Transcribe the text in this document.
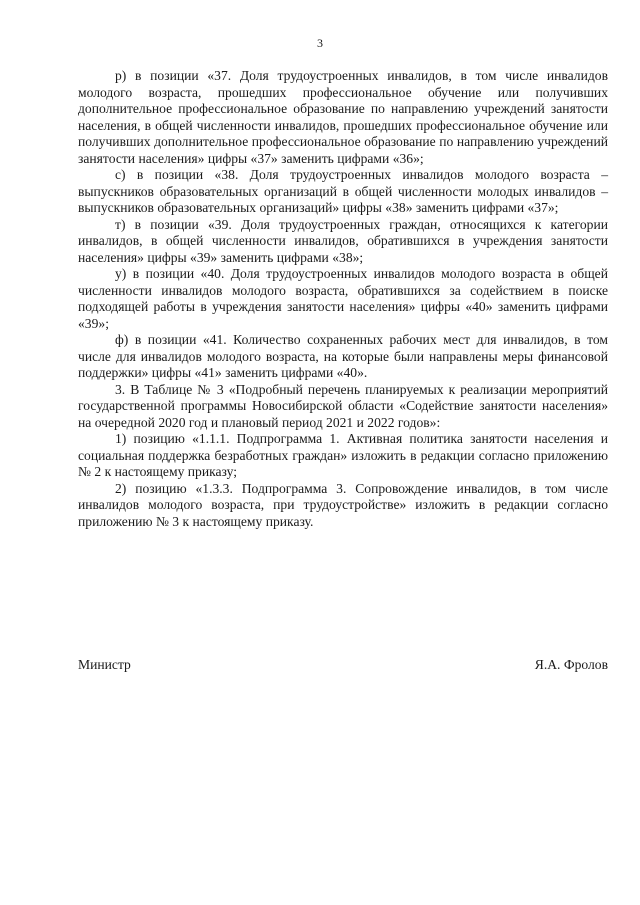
3

р) в позиции «37. Доля трудоустроенных инвалидов, в том числе инвалидов молодого возраста, прошедших профессиональное обучение или получивших дополнительное профессиональное образование по направлению учреждений занятости населения, в общей численности инвалидов, прошедших профессиональное обучение или получивших дополнительное профессиональное образование по направлению учреждений занятости населения» цифры «37» заменить цифрами «36»;

с) в позиции «38. Доля трудоустроенных инвалидов молодого возраста – выпускников образовательных организаций в общей численности молодых инвалидов – выпускников образовательных организаций» цифры «38» заменить цифрами «37»;

т) в позиции «39. Доля трудоустроенных граждан, относящихся к категории инвалидов, в общей численности инвалидов, обратившихся в учреждения занятости населения» цифры «39» заменить цифрами «38»;

у) в позиции «40. Доля трудоустроенных инвалидов молодого возраста в общей численности инвалидов молодого возраста, обратившихся за содействием в поиске подходящей работы в учреждения занятости населения» цифры «40» заменить цифрами «39»;

ф) в позиции «41. Количество сохраненных рабочих мест для инвалидов, в том числе для инвалидов молодого возраста, на которые были направлены меры финансовой поддержки» цифры «41» заменить цифрами «40».

3. В Таблице № 3 «Подробный перечень планируемых к реализации мероприятий государственной программы Новосибирской области «Содействие занятости населения» на очередной 2020 год и плановый период 2021 и 2022 годов»:

1) позицию «1.1.1. Подпрограмма 1. Активная политика занятости населения и социальная поддержка безработных граждан» изложить в редакции согласно приложению № 2 к настоящему приказу;

2) позицию «1.3.3. Подпрограмма 3. Сопровождение инвалидов, в том числе инвалидов молодого возраста, при трудоустройстве» изложить в редакции согласно приложению № 3 к настоящему приказу.

Министр	Я.А. Фролов
